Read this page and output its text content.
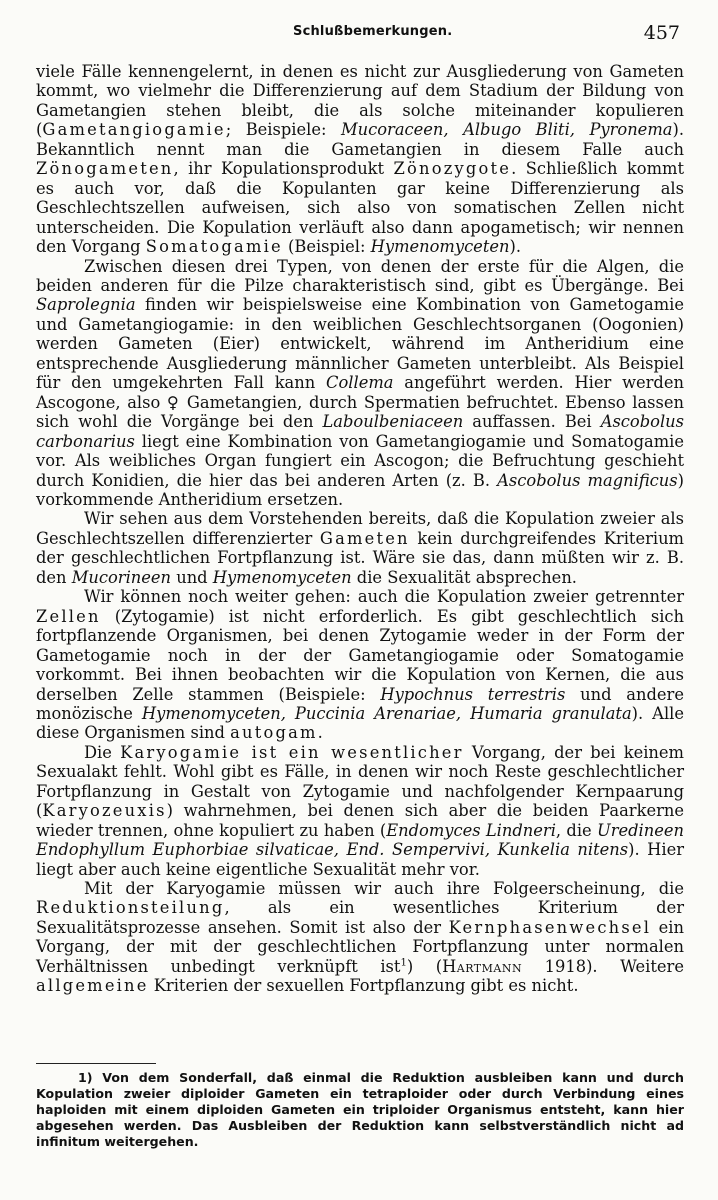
Schlußbemerkungen.	457

viele Fälle kennengelernt, in denen es nicht zur Ausgliederung von Gameten kommt, wo vielmehr die Differenzierung auf dem Stadium der Bildung von Gametangien stehen bleibt, die als solche miteinander kopulieren (Gametangiogamie; Beispiele: Mucoraceen, Albugo Bliti, Pyronema). Bekanntlich nennt man die Gametangien in diesem Falle auch Zönogameten, ihr Kopulationsprodukt Zönozygote. Schließlich kommt es auch vor, daß die Kopulanten gar keine Differenzierung als Geschlechtszellen aufweisen, sich also von somatischen Zellen nicht unterscheiden. Die Kopulation verläuft also dann apogametisch; wir nennen den Vorgang Somatogamie (Beispiel: Hymenomyceten).

Zwischen diesen drei Typen, von denen der erste für die Algen, die beiden anderen für die Pilze charakteristisch sind, gibt es Übergänge. Bei Saprolegnia finden wir beispielsweise eine Kombination von Gametogamie und Gametangiogamie: in den weiblichen Geschlechtsorganen (Oogonien) werden Gameten (Eier) entwickelt, während im Antheridium eine entsprechende Ausgliederung männlicher Gameten unterbleibt. Als Beispiel für den umgekehrten Fall kann Collema angeführt werden. Hier werden Ascogone, also ♀ Gametangien, durch Spermatien befruchtet. Ebenso lassen sich wohl die Vorgänge bei den Laboulbeniaceen auffassen. Bei Ascobolus carbonarius liegt eine Kombination von Gametangiogamie und Somatogamie vor. Als weibliches Organ fungiert ein Ascogon; die Befruchtung geschieht durch Konidien, die hier das bei anderen Arten (z. B. Ascobolus magnificus) vorkommende Antheridium ersetzen.

Wir sehen aus dem Vorstehenden bereits, daß die Kopulation zweier als Geschlechtszellen differenzierter Gameten kein durchgreifendes Kriterium der geschlechtlichen Fortpflanzung ist. Wäre sie das, dann müßten wir z. B. den Mucorineen und Hymenomyceten die Sexualität absprechen.

Wir können noch weiter gehen: auch die Kopulation zweier getrennter Zellen (Zytogamie) ist nicht erforderlich. Es gibt geschlechtlich sich fortpflanzende Organismen, bei denen Zytogamie weder in der Form der Gametogamie noch in der der Gametangiogamie oder Somatogamie vorkommt. Bei ihnen beobachten wir die Kopulation von Kernen, die aus derselben Zelle stammen (Beispiele: Hypochnus terrestris und andere monözische Hymenomyceten, Puccinia Arenariae, Humaria granulata). Alle diese Organismen sind autogam.

Die Karyogamie ist ein wesentlicher Vorgang, der bei keinem Sexualakt fehlt. Wohl gibt es Fälle, in denen wir noch Reste geschlechtlicher Fortpflanzung in Gestalt von Zytogamie und nachfolgender Kernpaarung (Karyozeuxis) wahrnehmen, bei denen sich aber die beiden Paarkerne wieder trennen, ohne kopuliert zu haben (Endomyces Lindneri, die Uredineen Endophyllum Euphorbiae silvaticae, End. Sempervivi, Kunkelia nitens). Hier liegt aber auch keine eigentliche Sexualität mehr vor.

Mit der Karyogamie müssen wir auch ihre Folgeerscheinung, die Reduktionsteilung, als ein wesentliches Kriterium der Sexualitätsprozesse ansehen. Somit ist also der Kernphasenwechsel ein Vorgang, der mit der geschlechtlichen Fortpflanzung unter normalen Verhältnissen unbedingt verknüpft ist$^1$) (Hartmann 1918). Weitere allgemeine Kriterien der sexuellen Fortpflanzung gibt es nicht.

1) Von dem Sonderfall, daß einmal die Reduktion ausbleiben kann und durch Kopulation zweier diploider Gameten ein tetraploider oder durch Verbindung eines haploiden mit einem diploiden Gameten ein triploider Organismus entsteht, kann hier abgesehen werden. Das Ausbleiben der Reduktion kann selbstverständlich nicht ad infinitum weitergehen.
